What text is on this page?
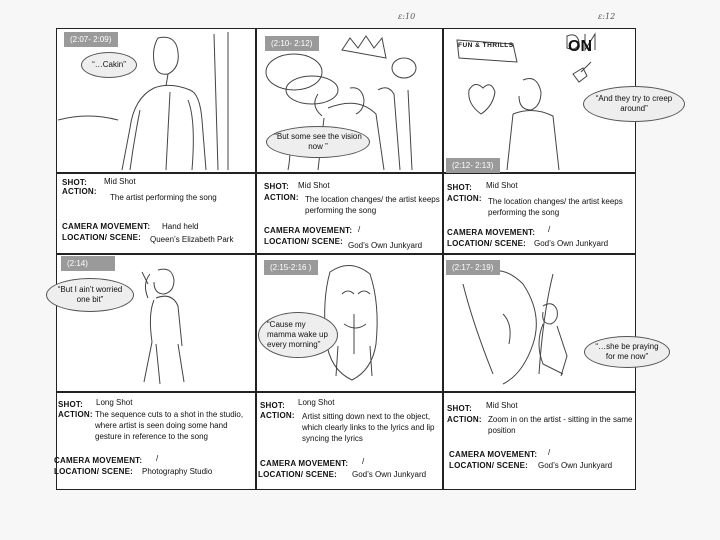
ε:10	ε:12
(2:07- 2:09)
“…Cakin”
(2:10- 2:12)
“But some see the vision now ”
FUN & THRILLS	ON
“And they try to creep around”
(2:12- 2:13)
SHOT: Mid Shot
ACTION:
The artist performing the song
CAMERA MOVEMENT: Hand held
LOCATION/ SCENE: Queen’s Elizabeth Park
SHOT: Mid Shot
ACTION: The location changes/ the artist keeps performing the song
CAMERA MOVEMENT: /
LOCATION/ SCENE: God’s Own Junkyard
SHOT: Mid Shot
ACTION: The location changes/ the artist keeps performing the song
CAMERA MOVEMENT: /
LOCATION/ SCENE: God’s Own Junkyard
(2:14)
“But I ain’t worried one bit”
(2:15-2:16 )
“Cause my mamma wake up every morning”
(2:17- 2:19)
“…she be praying for me now”
SHOT: Long Shot
ACTION: The sequence cuts to a shot in the studio, where artist is seen doing some hand gesture in reference to the song
CAMERA MOVEMENT: /
LOCATION/ SCENE: Photography Studio
SHOT: Long Shot
ACTION: Artist sitting down next to the object, which clearly links to the lyrics and lip syncing the lyrics
CAMERA MOVEMENT: /
LOCATION/ SCENE: God’s Own Junkyard
SHOT: Mid Shot
ACTION: Zoom in on the artist - sitting in the same position
CAMERA MOVEMENT: /
LOCATION/ SCENE: God’s Own Junkyard
